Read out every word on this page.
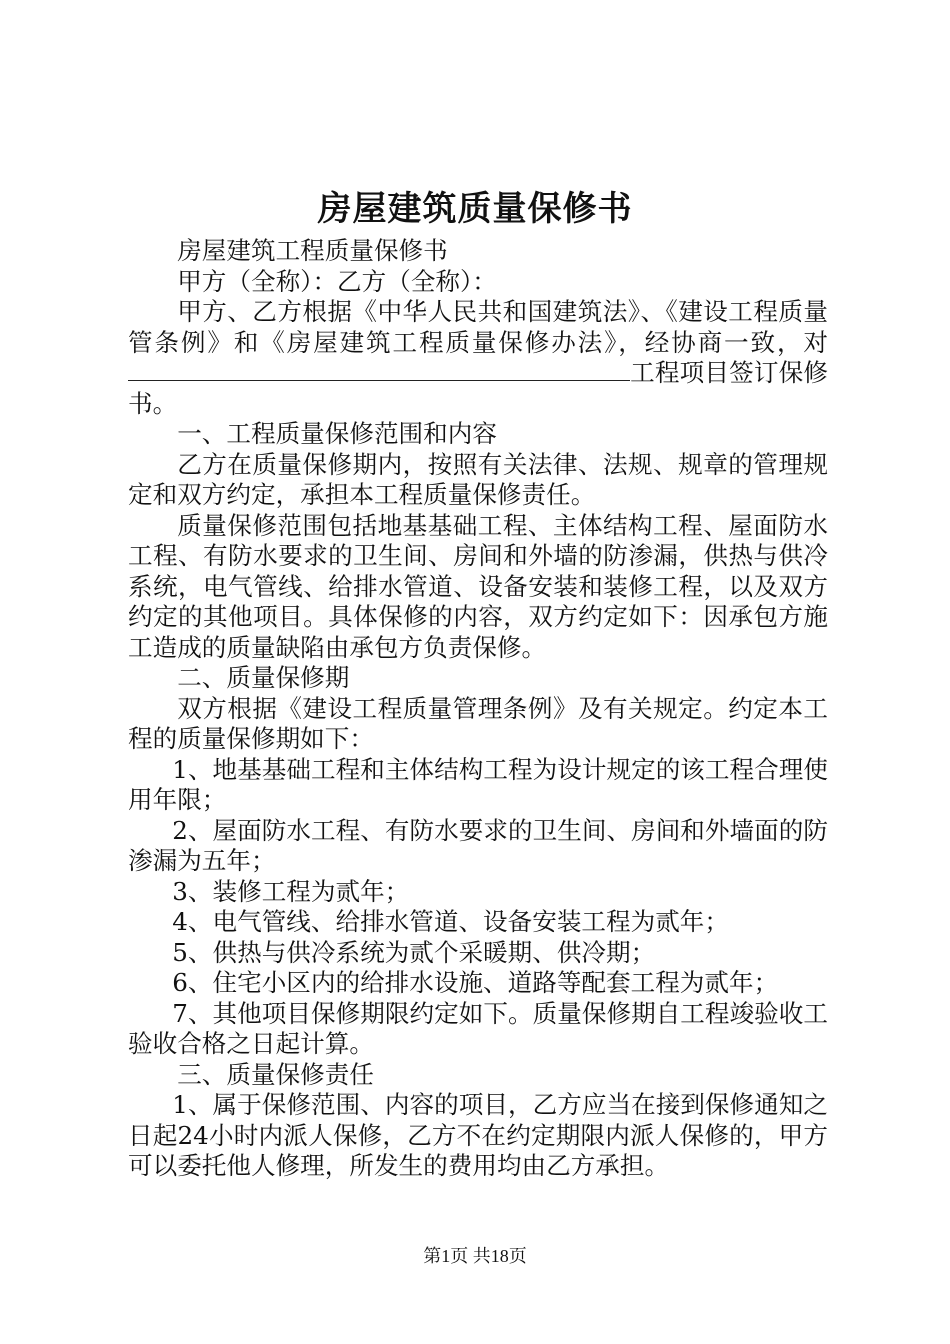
房屋建筑质量保修书

房屋建筑工程质量保修书

甲方（全称）：乙方（全称）：

甲方、乙方根据《中华人民共和国建筑法》、《建设工程质量管条例》和《房屋建筑工程质量保修办法》，经协商一致，对工程项目签订保修书。

一、工程质量保修范围和内容

乙方在质量保修期内，按照有关法律、法规、规章的管理规定和双方约定，承担本工程质量保修责任。

质量保修范围包括地基基础工程、主体结构工程、屋面防水工程、有防水要求的卫生间、房间和外墙的防渗漏，供热与供冷系统，电气管线、给排水管道、设备安装和装修工程，以及双方约定的其他项目。具体保修的内容，双方约定如下：因承包方施工造成的质量缺陷由承包方负责保修。

二、质量保修期

双方根据《建设工程质量管理条例》及有关规定。约定本工程的质量保修期如下：

1、地基基础工程和主体结构工程为设计规定的该工程合理使用年限；

2、屋面防水工程、有防水要求的卫生间、房间和外墙面的防渗漏为五年；

3、装修工程为贰年；

4、电气管线、给排水管道、设备安装工程为贰年；

5、供热与供冷系统为贰个采暖期、供冷期；

6、住宅小区内的给排水设施、道路等配套工程为贰年；

7、其他项目保修期限约定如下。质量保修期自工程竣验收工验收合格之日起计算。

三、质量保修责任

1、属于保修范围、内容的项目，乙方应当在接到保修通知之日起24小时内派人保修，乙方不在约定期限内派人保修的，甲方可以委托他人修理，所发生的费用均由乙方承担。

第1页 共18页
